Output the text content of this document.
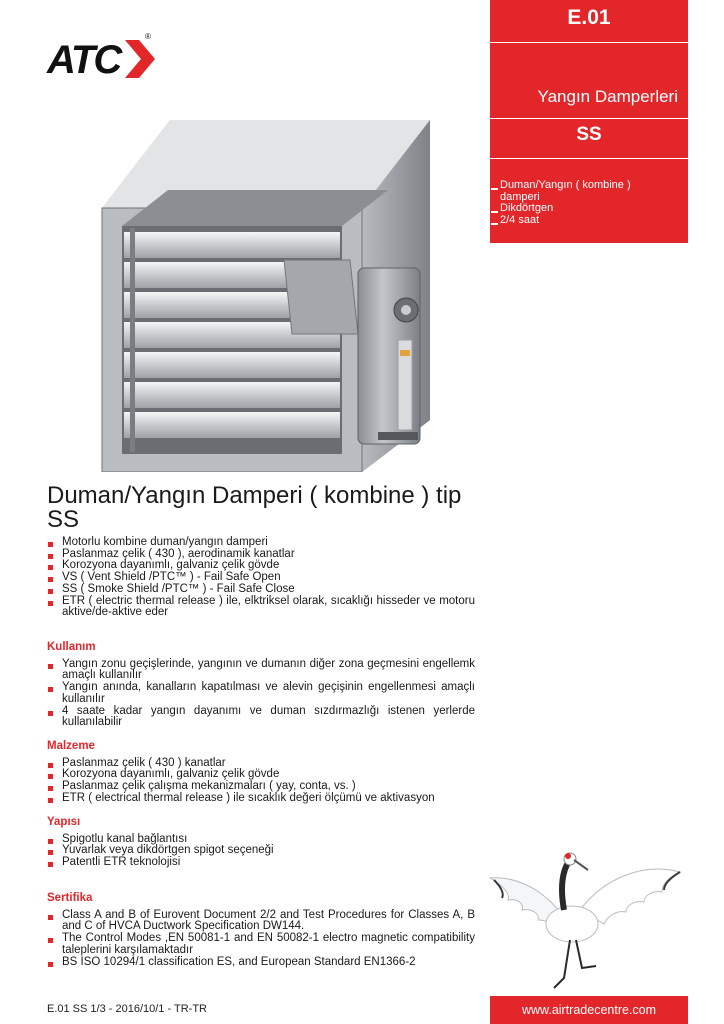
ATC
®
E.01
Yangın Damperleri
SS
Duman/Yangın ( kombine )
damperi
Dikdörtgen
2/4 saat
Duman/Yangın Damperi ( kombine ) tip
SS
Motorlu kombine duman/yangın damperi
Paslanmaz çelik ( 430 ), aerodinamik kanatlar
Korozyona dayanımlı, galvaniz çelik gövde
VS ( Vent Shield /PTC™ ) - Fail Safe Open
SS ( Smoke Shield /PTC™ ) - Fail Safe Close
ETR ( electric thermal release ) ile, elktriksel olarak, sıcaklığı hisseder ve motoru aktive/de-aktive eder
Kullanım
Yangın zonu geçişlerinde, yangının ve dumanın diğer zona geçmesini engellemk amaçlı kullanılır
Yangın anında, kanalların kapatılması ve alevin geçişinin engellenmesi amaçlı kullanılır
4 saate kadar yangın dayanımı ve duman sızdırmazlığı istenen yerlerde kullanılabilir
Malzeme
Paslanmaz çelik ( 430 ) kanatlar
Korozyona dayanımlı, galvaniz çelik gövde
Paslanmaz çelik çalışma mekanizmaları ( yay, conta, vs. )
ETR ( electrical thermal release ) ile sıcaklık değeri ölçümü ve aktivasyon
Yapısı
Spigotlu kanal bağlantısı
Yuvarlak veya dikdörtgen spigot seçeneği
Patentli ETR teknolojisi
Sertifika
Class A and B of Eurovent Document 2/2 and Test Procedures for Classes A, B and C of HVCA Ductwork Specification DW144.
The Control Modes ,EN 50081-1 and EN 50082-1 electro magnetic compatibility taleplerini karşılamaktadır
BS ISO 10294/1 classification ES, and European Standard EN1366-2
E.01 SS 1/3 - 2016/10/1 - TR-TR	www.airtradecentre.com
